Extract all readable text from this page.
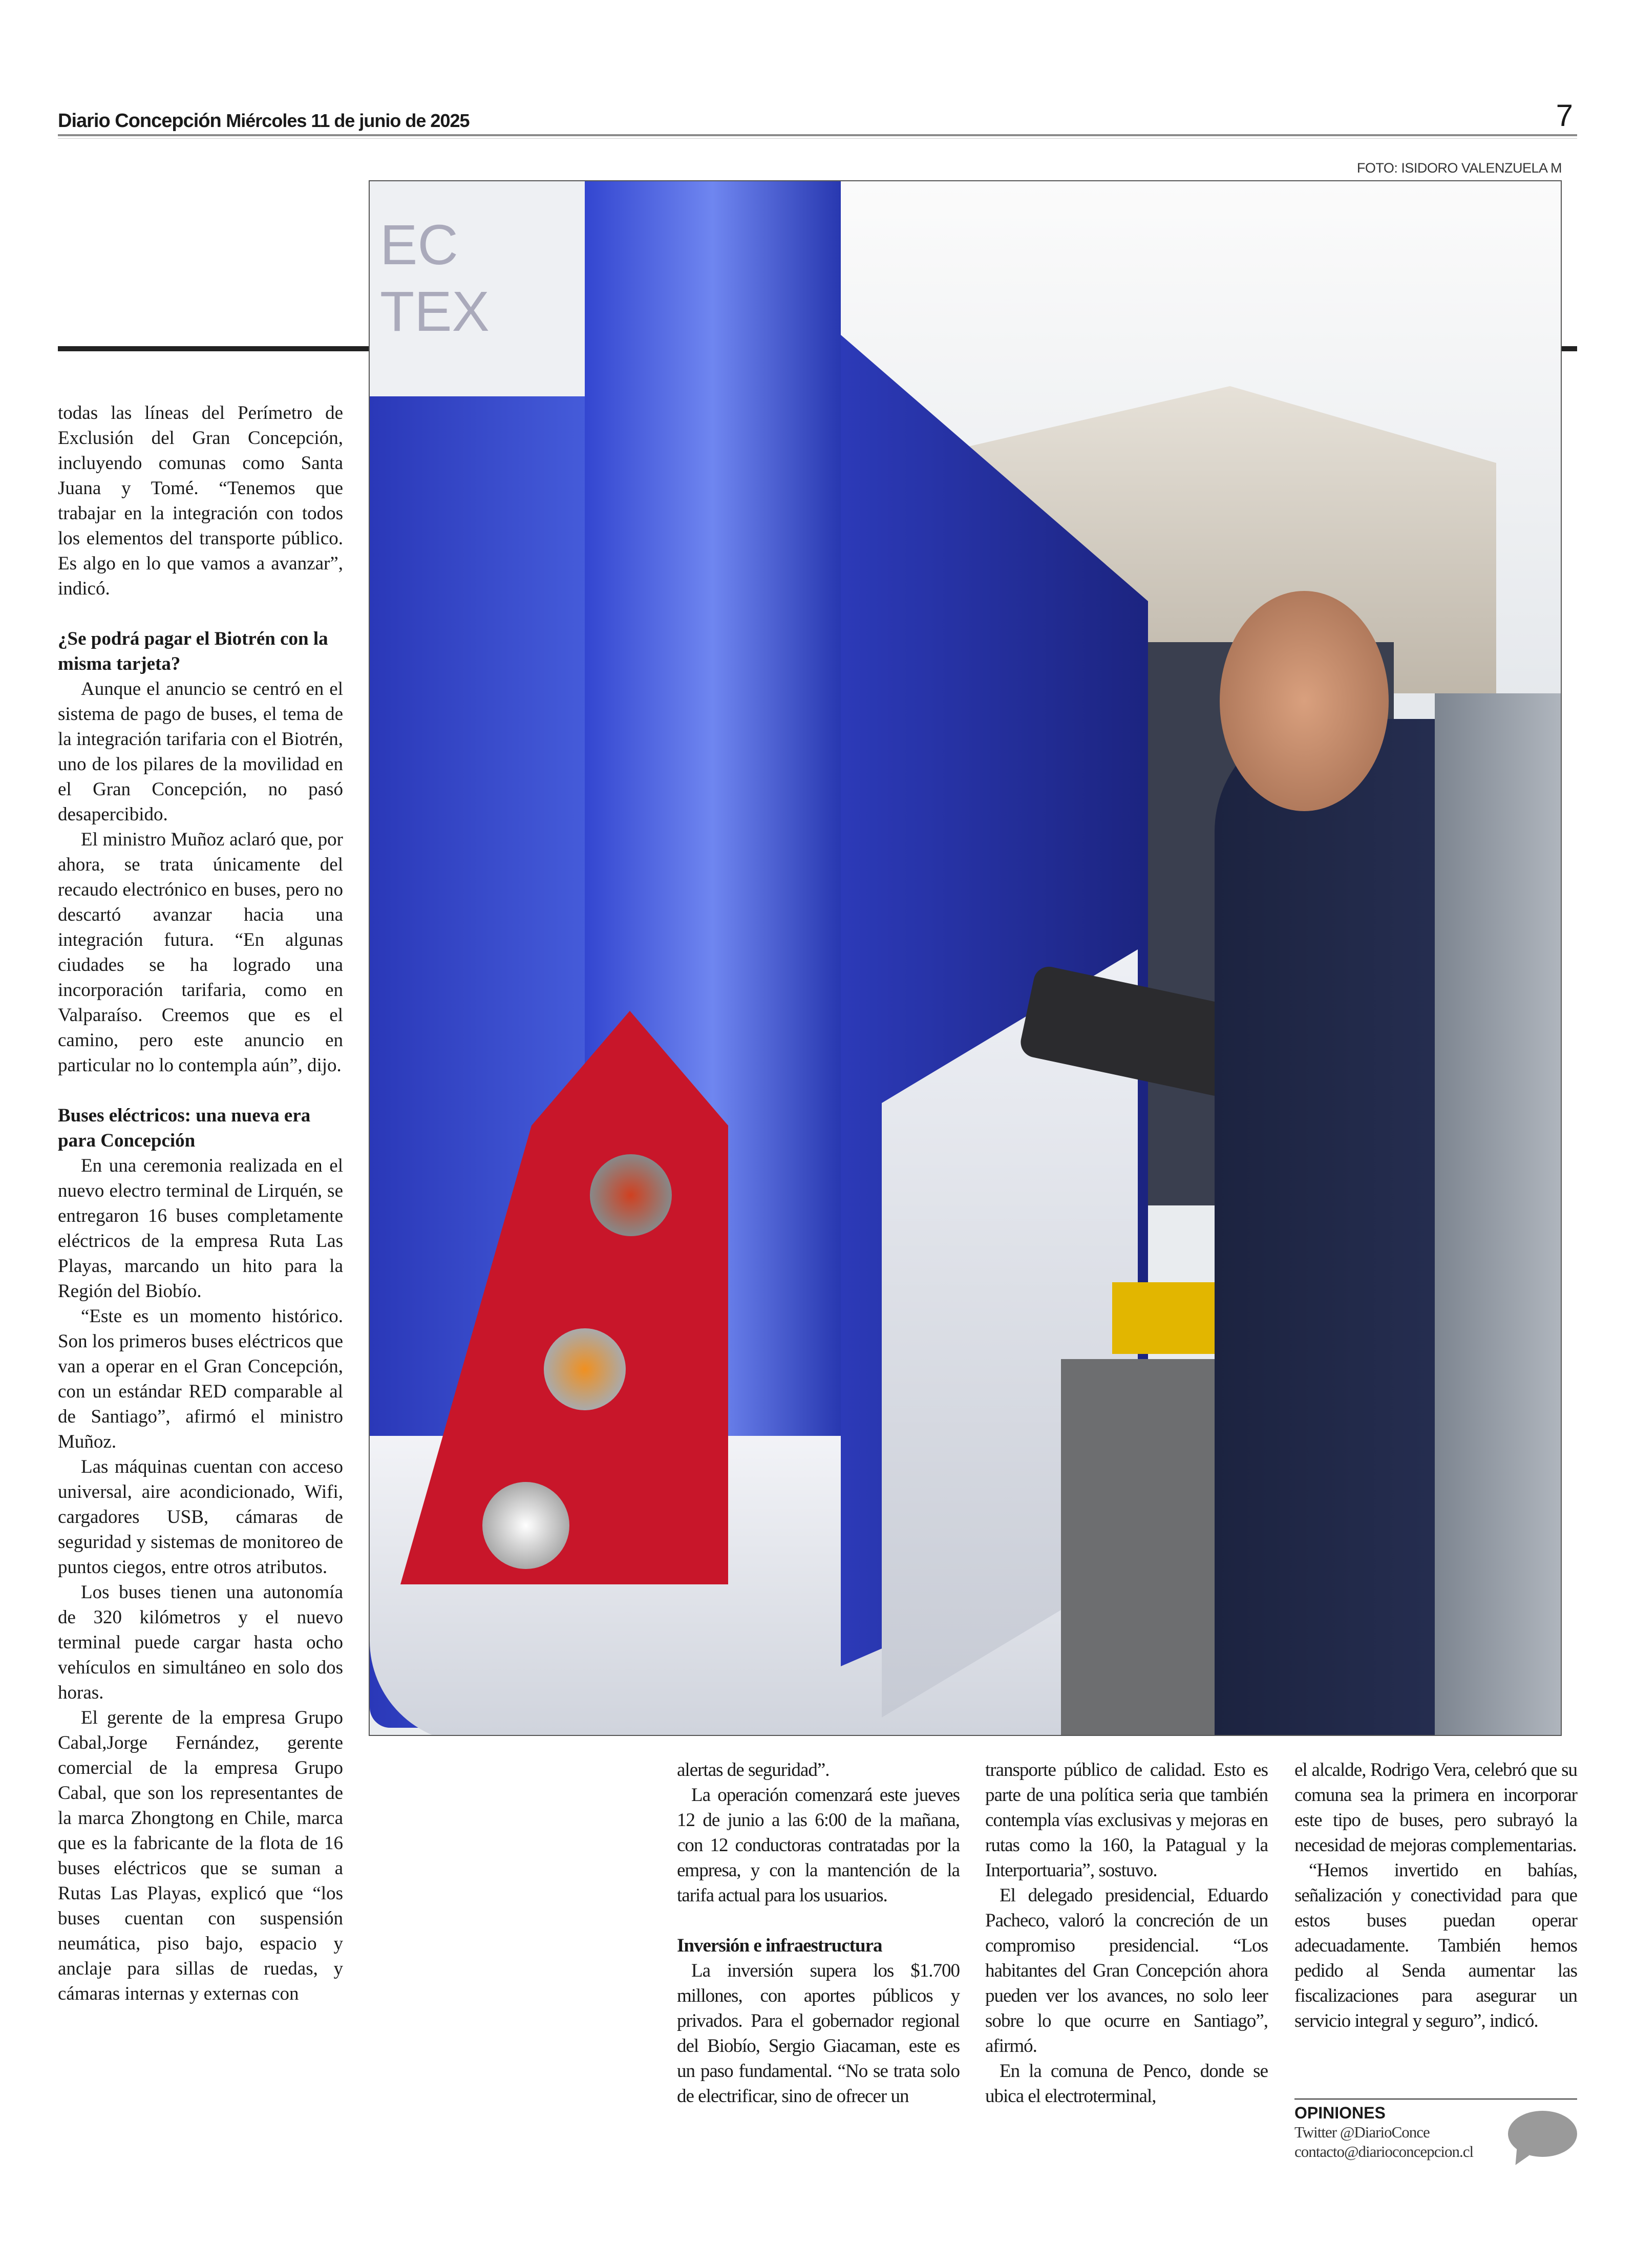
Diario Concepción Miércoles 11 de junio de 2025	7
FOTO: ISIDORO VALENZUELA M
EC TEX

todas las líneas del Perímetro de Exclusión del Gran Concepción, incluyendo comunas como Santa Juana y Tomé. “Tenemos que trabajar en la integración con todos los elementos del transporte público. Es algo en lo que vamos a avanzar”, indicó.

¿Se podrá pagar el Biotrén con la misma tarjeta?

Aunque el anuncio se centró en el sistema de pago de buses, el tema de la integración tarifaria con el Biotrén, uno de los pilares de la movilidad en el Gran Concepción, no pasó desapercibido.

El ministro Muñoz aclaró que, por ahora, se trata únicamente del recaudo electrónico en buses, pero no descartó avanzar hacia una integración futura. “En algunas ciudades se ha logrado una incorporación tarifaria, como en Valparaíso. Creemos que es el camino, pero este anuncio en particular no lo contempla aún”, dijo.

Buses eléctricos: una nueva era para Concepción

En una ceremonia realizada en el nuevo electro terminal de Lirquén, se entregaron 16 buses completamente eléctricos de la empresa Ruta Las Playas, marcando un hito para la Región del Biobío.

“Este es un momento histórico. Son los primeros buses eléctricos que van a operar en el Gran Concepción, con un estándar RED comparable al de Santiago”, afirmó el ministro Muñoz.

Las máquinas cuentan con acceso universal, aire acondicionado, Wifi, cargadores USB, cámaras de seguridad y sistemas de monitoreo de puntos ciegos, entre otros atributos.

Los buses tienen una autonomía de 320 kilómetros y el nuevo terminal puede cargar hasta ocho vehículos en simultáneo en solo dos horas.

El gerente de la empresa Grupo Cabal,Jorge Fernández, gerente comercial de la empresa Grupo Cabal, que son los representantes de la marca Zhongtong en Chile, marca que es la fabricante de la flota de 16 buses eléctricos que se suman a Rutas Las Playas, explicó que “los buses cuentan con suspensión neumática, piso bajo, espacio y anclaje para sillas de ruedas, y cámaras internas y externas con

alertas de seguridad”.

La operación comenzará este jueves 12 de junio a las 6:00 de la mañana, con 12 conductoras contratadas por la empresa, y con la mantención de la tarifa actual para los usuarios.

Inversión e infraestructura

La inversión supera los $1.700 millones, con aportes públicos y privados. Para el gobernador regional del Biobío, Sergio Giacaman, este es un paso fundamental. “No se trata solo de electrificar, sino de ofrecer un

transporte público de calidad. Esto es parte de una política seria que también contempla vías exclusivas y mejoras en rutas como la 160, la Patagual y la Interportuaria”, sostuvo.

El delegado presidencial, Eduardo Pacheco, valoró la concreción de un compromiso presidencial. “Los habitantes del Gran Concepción ahora pueden ver los avances, no solo leer sobre lo que ocurre en Santiago”, afirmó.

En la comuna de Penco, donde se ubica el electroterminal,

el alcalde, Rodrigo Vera, celebró que su comuna sea la primera en incorporar este tipo de buses, pero subrayó la necesidad de mejoras complementarias.

“Hemos invertido en bahías, señalización y conectividad para que estos buses puedan operar adecuadamente. También hemos pedido al Senda aumentar las fiscalizaciones para asegurar un servicio integral y seguro”, indicó.

OPINIONES
Twitter @DiarioConce
contacto@diarioconcepcion.cl
